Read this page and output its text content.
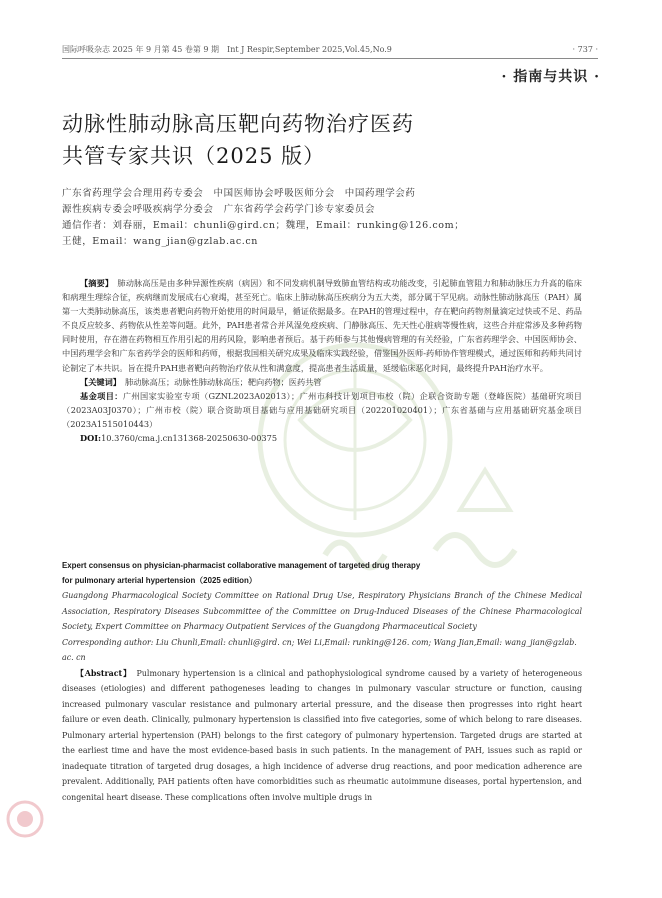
国际呼吸杂志 2025 年 9 月第 45 卷第 9 期　Int J Respir,September 2025,Vol.45,No.9	· 737 ·
· 指南与共识 ·
动脉性肺动脉高压靶向药物治疗医药
共管专家共识（2025 版）
广东省药理学会合理用药专委会　中国医师协会呼吸医师分会　中国药理学会药
源性疾病专委会呼吸疾病学分委会　广东省药学会药学门诊专家委员会
通信作者：刘春丽，Email：chunli@gird.cn；魏理，Email：runking@126.com；
王健，Email：wang_jian@gzlab.ac.cn

【摘要】　肺动脉高压是由多种异源性疾病（病因）和不同发病机制导致肺血管结构或功能改变，引起肺血管阻力和肺动脉压力升高的临床和病理生理综合征，疾病继而发展成右心衰竭，甚至死亡。临床上肺动脉高压疾病分为五大类，部分属于罕见病。动脉性肺动脉高压（PAH）属第一大类肺动脉高压，该类患者靶向药物开始使用的时间最早，循证依据最多。在PAH的管理过程中，存在靶向药物剂量滴定过快或不足、药品不良反应较多、药物依从性差等问题。此外，PAH患者常合并风湿免疫疾病、门静脉高压、先天性心脏病等慢性病，这些合并症常涉及多种药物同时使用，存在潜在药物相互作用引起的用药风险，影响患者预后。基于药师参与其他慢病管理的有关经验，广东省药理学会、中国医师协会、中国药理学会和广东省药学会的医师和药师，根据我国相关研究成果及临床实践经验，借鉴国外医师-药师协作管理模式，通过医师和药师共同讨论制定了本共识。旨在提升PAH患者靶向药物治疗依从性和满意度，提高患者生活质量，延缓临床恶化时间，最终提升PAH治疗水平。

【关键词】　肺动脉高压；动脉性肺动脉高压；靶向药物；医药共管

基金项目：广州国家实验室专项（GZNL2023A02013）；广州市科技计划项目市校（院）企联合资助专题（登峰医院）基础研究项目（2023A03J0370）；广州市校（院）联合资助项目基础与应用基础研究项目（202201020401）；广东省基础与应用基础研究基金项目（2023A1515010443）

DOI:10.3760/cma.j.cn131368-20250630-00375

Expert consensus on physician-pharmacist collaborative management of targeted drug therapy
for pulmonary arterial hypertension（2025 edition）

Guangdong Pharmacological Society Committee on Rational Drug Use, Respiratory Physicians Branch of the Chinese Medical Association, Respiratory Diseases Subcommittee of the Committee on Drug-Induced Diseases of the Chinese Pharmacological Society, Expert Committee on Pharmacy Outpatient Services of the Guangdong Pharmaceutical Society

Corresponding author: Liu Chunli,Email: chunli@gird. cn; Wei Li,Email: runking@126. com; Wang Jian,Email: wang_jian@gzlab. ac. cn

【Abstract】　Pulmonary hypertension is a clinical and pathophysiological syndrome caused by a variety of heterogeneous diseases (etiologies) and different pathogeneses leading to changes in pulmonary vascular structure or function, causing increased pulmonary vascular resistance and pulmonary arterial pressure, and the disease then progresses into right heart failure or even death. Clinically, pulmonary hypertension is classified into five categories, some of which belong to rare diseases. Pulmonary arterial hypertension (PAH) belongs to the first category of pulmonary hypertension. Targeted drugs are started at the earliest time and have the most evidence-based basis in such patients. In the management of PAH, issues such as rapid or inadequate titration of targeted drug dosages, a high incidence of adverse drug reactions, and poor medication adherence are prevalent. Additionally, PAH patients often have comorbidities such as rheumatic autoimmune diseases, portal hypertension, and congenital heart disease. These complications often involve multiple drugs in
